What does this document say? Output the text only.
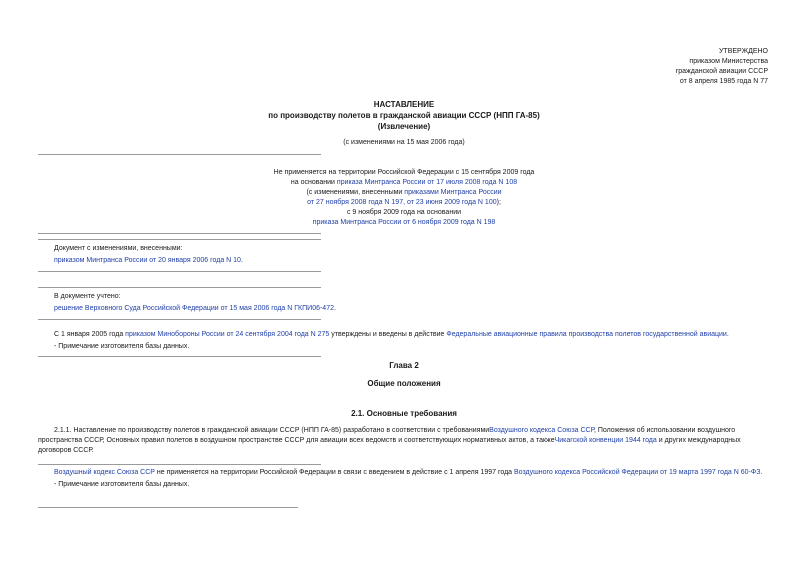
УТВЕРЖДЕНО
приказом Министерства
гражданской авиации СССР
от 8 апреля 1985 года N 77
НАСТАВЛЕНИЕ
по производству полетов в гражданской авиации СССР (НПП ГА-85)
(Извлечение)
(с изменениями на 15 мая 2006 года)
Не применяется на территории Российской Федерации с 15 сентября 2009 года
на основании приказа Минтранса России от 17 июля 2008 года N 108
(с изменениями, внесенными приказами Минтранса России
от 27 ноября 2008 года N 197, от 23 июня 2009 года N 100);
с 9 ноября 2009 года на основании
приказа Минтранса России от 6 ноября 2009 года N 198
Документ с изменениями, внесенными:
приказом Минтранса России от 20 января 2006 года N 10.
В документе учтено:
решение Верховного Суда Российской Федерации от 15 мая 2006 года N ГКПИ06-472.
С 1 января 2005 года приказом Минобороны России от 24 сентября 2004 года N 275 утверждены и введены в действие Федеральные авиационные правила производства полетов государственной авиации.
- Примечание изготовителя базы данных.
Глава 2
Общие положения
2.1. Основные требования
2.1.1. Наставление по производству полетов в гражданской авиации СССР (НПП ГА-85) разработано в соответствии с требованиямиВоздушного кодекса Союза ССР, Положения об использовании воздушного пространства СССР, Основных правил полетов в воздушном пространстве СССР для авиации всех ведомств и соответствующих нормативных актов, а такжеЧикагской конвенции 1944 года и других международных договоров СССР.
Воздушный кодекс Союза ССР не применяется на территории Российской Федерации в связи с введением в действие с 1 апреля 1997 года Воздушного кодекса Российской Федерации от 19 марта 1997 года N 60-ФЗ.
- Примечание изготовителя базы данных.
